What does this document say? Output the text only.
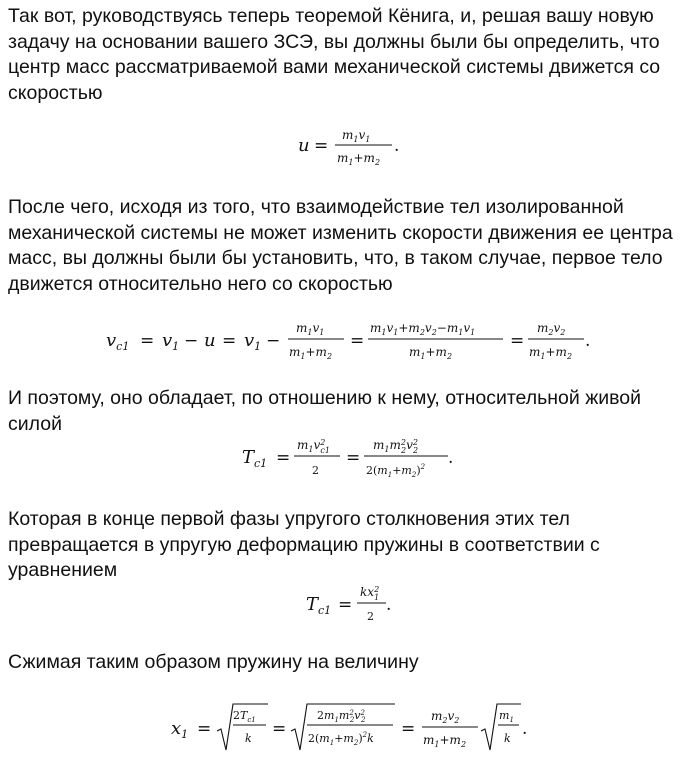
Так вот, руководствуясь теперь теоремой Кёнига, и, решая вашу новую задачу на основании вашего ЗСЭ, вы должны были бы определить, что центр масс рассматриваемой вами механической системы движется со скоростью

u =
$m_1v_1$
$m_1+m_2$
.

После чего, исходя из того, что взаимодействие тел изолированной механической системы не может изменить скорости движения ее центра масс, вы должны были бы установить, что, в таком случае, первое тело движется относительно него со скоростью

$v_{c1} = v_1 - u = v_1$ −
$m_1v_1$
$m_1+m_2$
=
$m_1v_1+m_2v_2-m_1v_1$
$m_1+m_2$
=
$m_2v_2$
$m_1+m_2$
.

И поэтому, оно обладает, по отношению к нему, относительной живой силой

$T_{c1}$ =
$m_1v^2$ c1
2
=
$m_1m^2$ $2v^2$ 2
$2(m_1+m_2)^2$ .

Которая в конце первой фазы упругого столкновения этих тел превращается в упругую деформацию пружины в соответствии с уравнением

$T_{c1}$ =
$kx^2$ 1
2
.

Сжимая таким образом пружину на величину

$x_1$ =
$2T_{c1}$
k =
$2m_1m^2$ $2v^2$ 2
$2(m_1+m_2)^2k$ =
$m_2v_2$
$m_1+m_2$
$m_1$
k .
